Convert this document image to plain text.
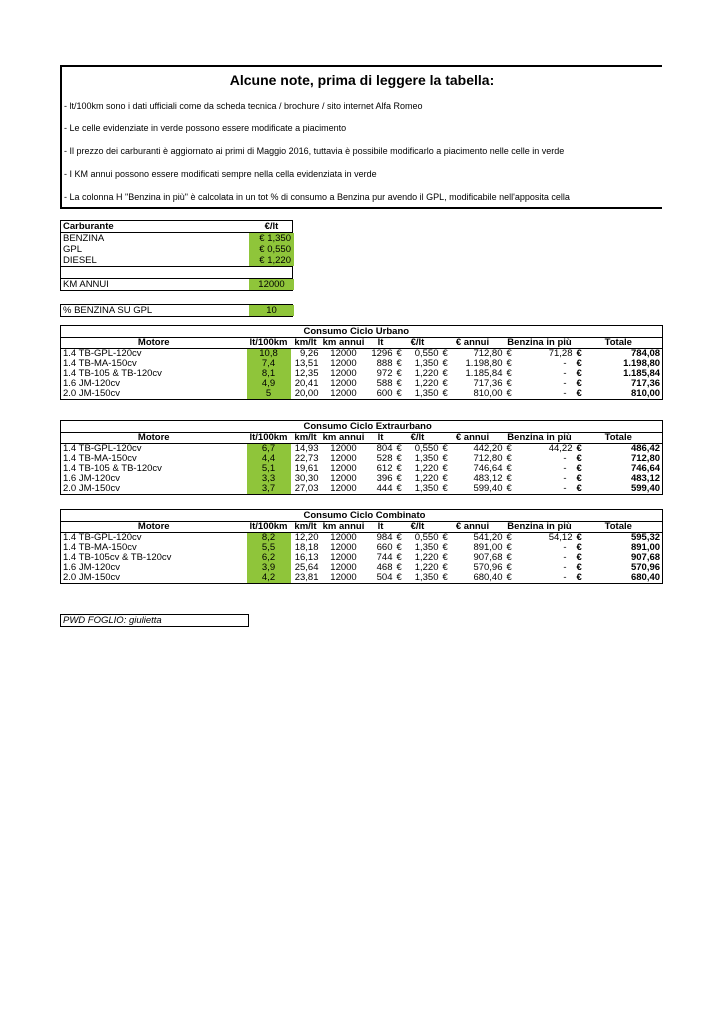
Alcune note, prima di leggere la tabella:
- lt/100km sono i dati ufficiali come da scheda tecnica / brochure / sito internet Alfa Romeo
- Le celle evidenziate in verde possono essere modificate a piacimento
- Il prezzo dei carburanti è aggiornato ai primi di Maggio 2016, tuttavia è possibile modificarlo a piacimento nelle celle in verde
- I KM annui possono essere modificati sempre nella cella evidenziata in verde
- La colonna H "Benzina in più" è calcolata in un tot % di consumo a Benzina pur avendo il GPL, modificabile nell'apposita cella
Carburante	€/lt
BENZINA	€ 1,350
GPL	€ 0,550
DIESEL	€ 1,220
KM ANNUI	12000
% BENZINA SU GPL	10
				Consumo Ciclo Urbano							
Motore	lt/100km	km/lt	km annui	lt	€/lt		€ annui		Benzina in più		Totale
1.4 TB-GPL-120cv	10,8	9,26	12000	1296	€	0,550	€	712,80	€	71,28	€ 784,08
1.4 TB-MA-150cv	7,4	13,51	12000	888	€	1,350	€	1.198,80	€	-	€ 1.198,80
1.4 TB-105 & TB-120cv	8,1	12,35	12000	972	€	1,220	€	1.185,84	€	-	€ 1.185,84
1.6 JM-120cv	4,9	20,41	12000	588	€	1,220	€	717,36	€	-	€ 717,36
2.0 JM-150cv	5	20,00	12000	600	€	1,350	€	810,00	€	-	€ 810,00
				Consumo Ciclo Extraurbano							
Motore	lt/100km	km/lt	km annui	lt	€/lt		€ annui		Benzina in più		Totale
1.4 TB-GPL-120cv	6,7	14,93	12000	804	€	0,550	€	442,20	€	44,22	€ 486,42
1.4 TB-MA-150cv	4,4	22,73	12000	528	€	1,350	€	712,80	€	-	€ 712,80
1.4 TB-105 & TB-120cv	5,1	19,61	12000	612	€	1,220	€	746,64	€	-	€ 746,64
1.6 JM-120cv	3,3	30,30	12000	396	€	1,220	€	483,12	€	-	€ 483,12
2.0 JM-150cv	3,7	27,03	12000	444	€	1,350	€	599,40	€	-	€ 599,40
				Consumo Ciclo Combinato							
Motore	lt/100km	km/lt	km annui	lt	€/lt		€ annui		Benzina in più		Totale
1.4 TB-GPL-120cv	8,2	12,20	12000	984	€	0,550	€	541,20	€	54,12	€ 595,32
1.4 TB-MA-150cv	5,5	18,18	12000	660	€	1,350	€	891,00	€	-	€ 891,00
1.4 TB-105cv & TB-120cv	6,2	16,13	12000	744	€	1,220	€	907,68	€	-	€ 907,68
1.6 JM-120cv	3,9	25,64	12000	468	€	1,220	€	570,96	€	-	€ 570,96
2.0 JM-150cv	4,2	23,81	12000	504	€	1,350	€	680,40	€	-	€ 680,40
PWD FOGLIO: giulietta
